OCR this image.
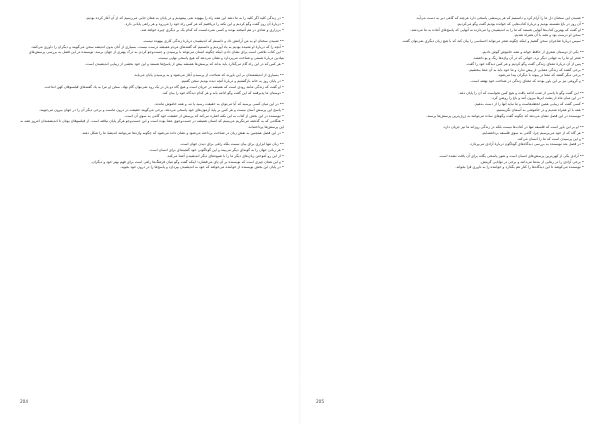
• در زندگی کلید اگر کلید را به ما دهند این همه راه را بیهوده نمی پیمودیم و در پایان به همان جایی می‌رسیم که از آن آغاز کرده بودیم.

• دربارهٔ آن روز گفت وگو کردیم و این نکته را دریافتیم که هر کس راه خود را می‌رود و هر راهی پایانی دارد.

• بی‌زاری و شادی در هم آمیخته بودند و کسی نمی‌دانست که کدام یک بر دیگری چیره خواهد شد.

•• شنیدن سخنان او به من آرامش داد و دانستم که اندیشیدن دربارهٔ زندگی کاری بیهوده نیست.

• آنچه را که دربارهٔ او شنیده بودیم به یاد آوردیم و دانستیم که گفته‌های مردم همیشه درست نیست. بسیاری از آنان بدون اندیشه سخن می‌گویند و دیگران را داوری می‌کنند.

• این کتاب تلاشی است برای نشان دادن اینکه چگونه انسان می‌تواند با پرسیدن و جست‌وجو کردن به درک بهتری از جهان برسد. نویسنده در این فصل به بررسی پرسش‌های بنیادین دربارهٔ هستی و شناخت می‌پردازد و نشان می‌دهد که هیچ پاسخی نهایی نیست.

• هر کس که در این راه گام می‌گذارد باید بداند که پرسش‌ها همیشه بیش از پاسخ‌ها هستند و این خود بخشی از زیبایی اندیشیدن است.

•• بسیاری از اندیشمندان بر این باورند که شناخت از پرسیدن آغاز می‌شود و به پرسیدن پایان می‌یابد.

• در پایان روز به خانه بازگشتیم و دربارهٔ آنچه دیده بودیم سخن گفتیم.

• او گفت که زندگی مانند رودی است که همیشه در جریان است و هیچ گاه دو بار در یک رود نمی‌توان گام نهاد. سخن او مرا به یاد گفته‌های فیلسوفان کهن انداخت.

• دوستان ما پذیرفتند که این گفت وگو ادامه یابد و هر کدام دیدگاه خود را بیان کند.

•• در این میان کسی پرسید که آیا می‌توان به حقیقت رسید یا نه، و همه خاموش ماندند.

• پاسخ این پرسش آسان نیست و هر کس بر پایهٔ آزمون‌های خود پاسخی می‌دهد. برخی می‌گویند حقیقت در درون ماست و برخی دیگر آن را در جهان بیرون می‌جویند.

• نویسنده در این بخش از کتاب به این نکته اشاره می‌کند که پرسش از حقیقت خود گامی به سوی آن است.

• هنگامی که به گذشته می‌نگریم می‌بینیم که انسان همیشه در جست‌وجوی معنا بوده است و این جست‌وجو هرگز پایان نیافته است. از فیلسوفان یونان تا اندیشمندان امروز همه به این پرسش‌ها پرداخته‌اند.

• در این فصل همچنین به نقش زبان در شناخت پرداخته می‌شود و نشان داده می‌شود که چگونه واژه‌ها می‌توانند اندیشهٔ ما را شکل دهند.

•• زبان تنها ابزاری برای بیان نیست بلکه راهی برای دیدن جهان است.

• هر زبانی جهان را به گونه‌ای دیگر می‌بیند و این گوناگونی خود گنجینه‌ای برای انسان است.

• از این رو آموختن زبان‌های دیگر ما را با شیوه‌های دیگر اندیشیدن آشنا می‌کند.

• و این همان چیزی است که نویسنده بر آن پای می‌فشارد: اینکه گفت وگو میان فرهنگ‌ها راهی است برای فهم بهتر خود و دیگران.

• در پایان این بخش نویسنده از خواننده می‌خواهد که خود به اندیشیدن بپردازد و پاسخ‌ها را در درون خود بجوید.

204

• شنیدن این سخنان دل ما را آرام کرد و دانستیم که هر پرسشی پاسخی دارد هرچند که گاهی دیر به دست می‌آید.

• آن روز در باغ نشسته بودیم و دربارهٔ کتاب‌هایی که خوانده بودیم گفت وگو می‌کردیم.

• او گفت که بهترین کتاب‌ها آنهایی هستند که ما را به اندیشیدن وا می‌دارند نه آنهایی که پاسخ‌های آماده به ما می‌دهند.

• سخن او درست بود و همه با آن همراه شدیم.

• سپس دربارهٔ شاعران سخن گفتیم و اینکه چگونه شعر می‌تواند احساسی را بیان کند که با هیچ زبان دیگری نمی‌توان گفت.

•• یکی از دوستان شعری از حافظ خواند و همه خاموش گوش دادیم.

• شعر او ما را به جهانی دیگر برد، جهانی که در آن واژه‌ها رنگ و بو داشتند.

• پس از آن دربارهٔ معنای زندگی گفت وگو کردیم و هر کس دیدگاه خود را گفت.

• برخی گفتند که زندگی معنایی از پیش ندارد و ما خود باید به آن معنا ببخشیم.

• برخی دیگر گفتند که معنا در پیوند با دیگران پیدا می‌شود.

• و گروهی نیز بر این باور بودند که معنای زندگی در شناخت خود نهفته است.

•• این گفت وگو تا پاسی از شب ادامه یافت و هیچ کس نخواست که آن را پایان دهد.

• در این میان ماه از پشت ابرها بیرون آمد و باغ را روشن کرد.

• کسی گفت که زیبایی همین لحظه‌هاست و ما نباید آنها را از دست بدهیم.

• همه با او همراه شدیم و در خاموشی به آسمان نگریستیم.

• نویسنده در این فصل نشان می‌دهد که چگونه گفت وگوهای ساده می‌توانند به ژرف‌ترین پرسش‌ها برسند.

•• او بر این باور است که فلسفه تنها در کتاب‌ها نیست بلکه در زندگی روزانه ما نیز جریان دارد.

• هر گاه که از خود می‌پرسیم چرا، گامی به سوی فلسفه برداشته‌ایم.

• و این پرسیدن است که ما را انسان می‌کند.

• در فصل بعد نویسنده به بررسی دیدگاه‌های گوناگون دربارهٔ آزادی می‌پردازد.

•• آزادی یکی از کهن‌ترین پرسش‌های انسان است و هنوز پاسخی یگانه برای آن یافت نشده است.

• برخی آزادی را در رهایی از بندها می‌دانند و برخی در توانایی گزینش.

• نویسنده می‌کوشد تا این دیدگاه‌ها را کنار هم بگذارد و خواننده را به داوری فرا بخواند.

205
